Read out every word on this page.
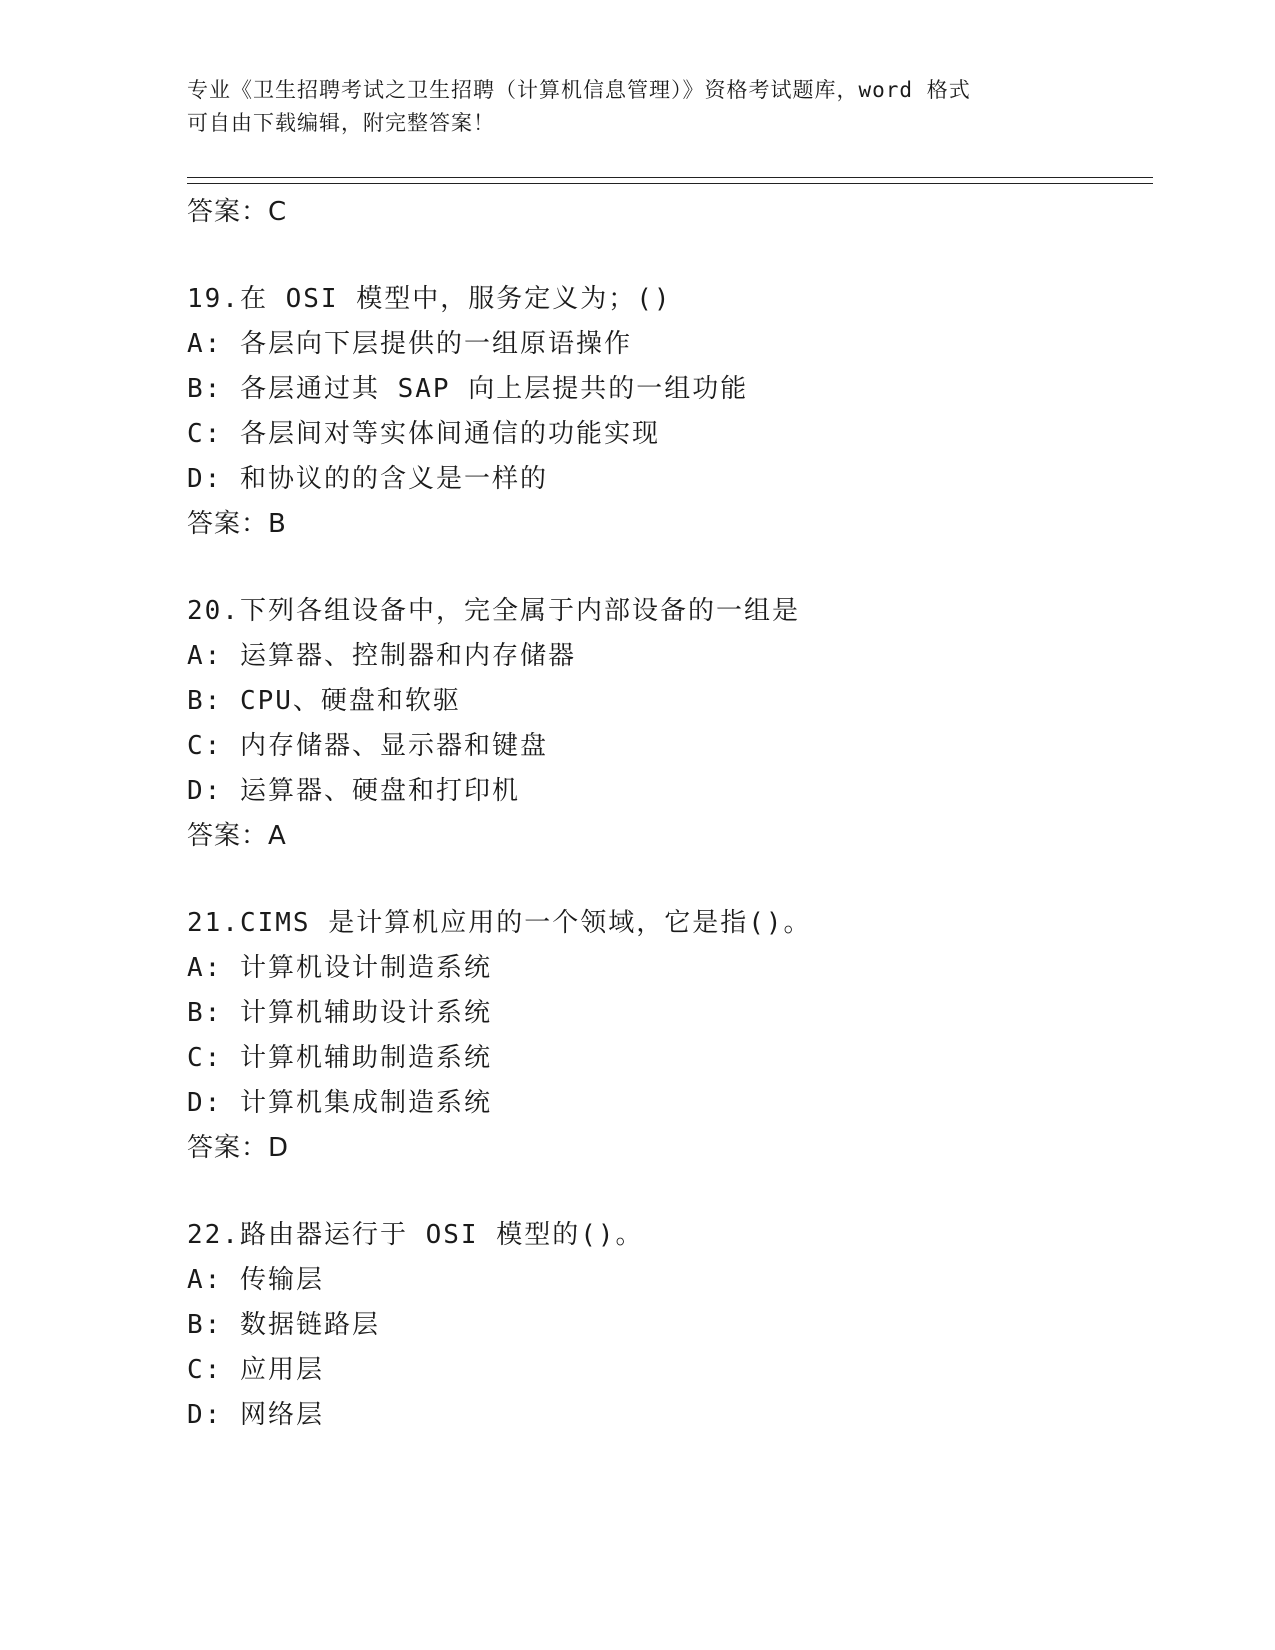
专业《卫生招聘考试之卫生招聘（计算机信息管理）》资格考试题库，word 格式
可自由下载编辑，附完整答案！
答案：C
19.在 OSI 模型中，服务定义为；()
A: 各层向下层提供的一组原语操作
B: 各层通过其 SAP 向上层提共的一组功能
C: 各层间对等实体间通信的功能实现
D: 和协议的的含义是一样的
答案：B
20.下列各组设备中，完全属于内部设备的一组是
A: 运算器、控制器和内存储器
B: CPU、硬盘和软驱
C: 内存储器、显示器和键盘
D: 运算器、硬盘和打印机
答案：A
21.CIMS 是计算机应用的一个领域，它是指()。
A: 计算机设计制造系统
B: 计算机辅助设计系统
C: 计算机辅助制造系统
D: 计算机集成制造系统
答案：D
22.路由器运行于 OSI 模型的()。
A: 传输层
B: 数据链路层
C: 应用层
D: 网络层
